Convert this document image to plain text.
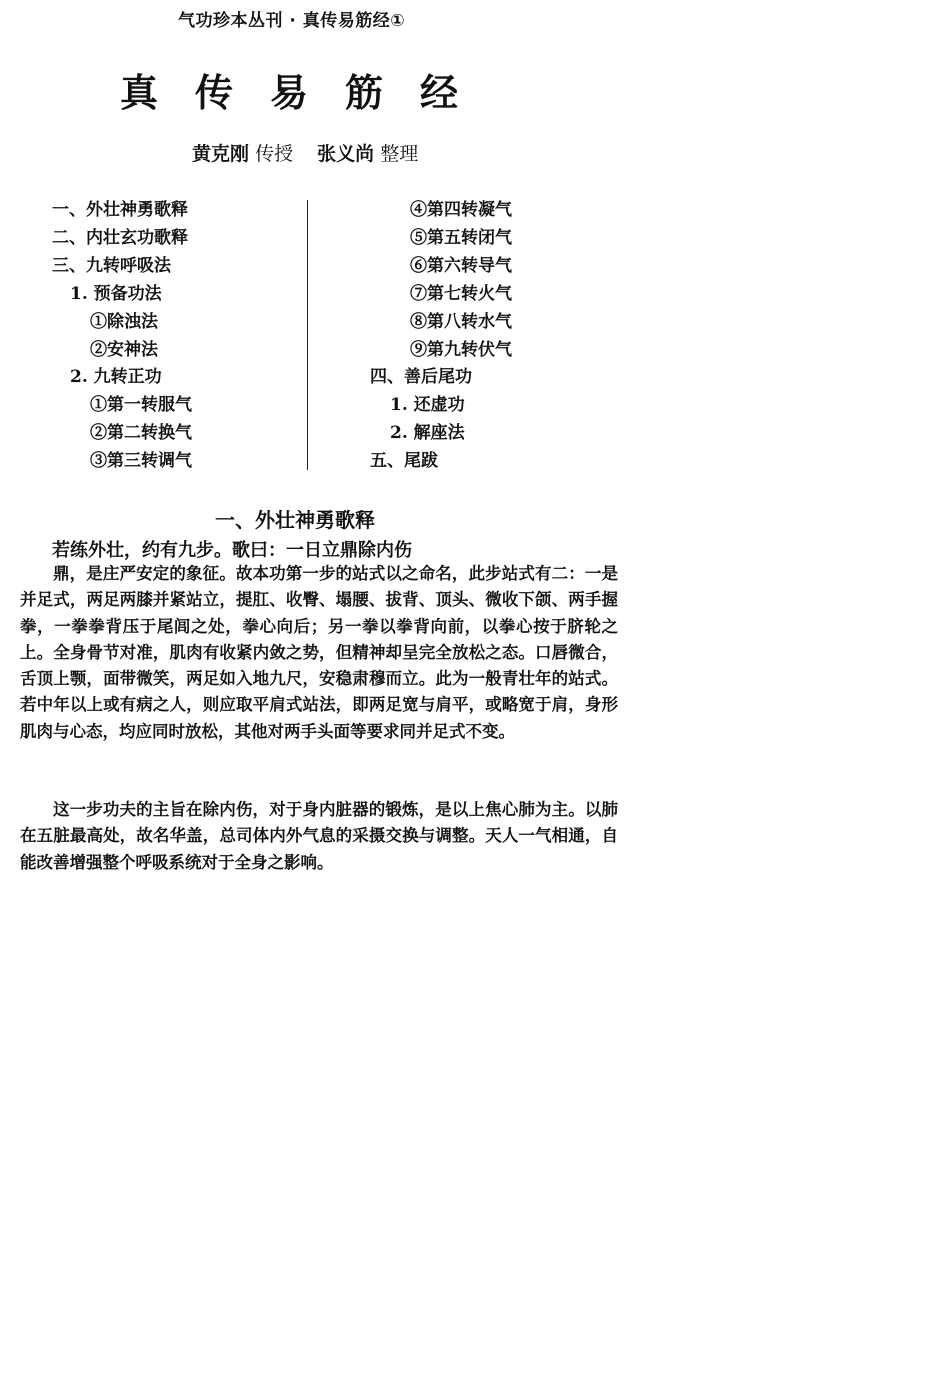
气功珍本丛刊 · 真传易筋经①
真传易筋经
黄克刚 传授 张义尚 整理
一、外壮神勇歌释
二、内壮玄功歌释
三、九转呼吸法
1. 预备功法
①除浊法
②安神法
2. 九转正功
①第一转服气
②第二转换气
③第三转调气
④第四转凝气
⑤第五转闭气
⑥第六转导气
⑦第七转火气
⑧第八转水气
⑨第九转伏气
四、善后尾功
1. 还虚功
2. 解座法
五、尾跋
一、外壮神勇歌释
若练外壮，约有九步。歌曰：一日立鼎除内伤

鼎，是庄严安定的象征。故本功第一步的站式以之命名，此步站式有二：一是并足式，两足两膝并紧站立，提肛、收臀、塌腰、拔背、顶头、微收下颌、两手握拳，一拳拳背压于尾闾之处，拳心向后；另一拳以拳背向前，以拳心按于脐轮之上。全身骨节对准，肌肉有收紧内敛之势，但精神却呈完全放松之态。口唇微合，舌顶上颚，面带微笑，两足如入地九尺，安稳肃穆而立。此为一般青壮年的站式。若中年以上或有病之人，则应取平肩式站法，即两足宽与肩平，或略宽于肩，身形肌肉与心态，均应同时放松，其他对两手头面等要求同并足式不变。

这一步功夫的主旨在除内伤，对于身内脏器的锻炼，是以上焦心肺为主。以肺在五脏最高处，故名华盖，总司体内外气息的采摄交换与调整。天人一气相通，自能改善增强整个呼吸系统对于全身之影响。
